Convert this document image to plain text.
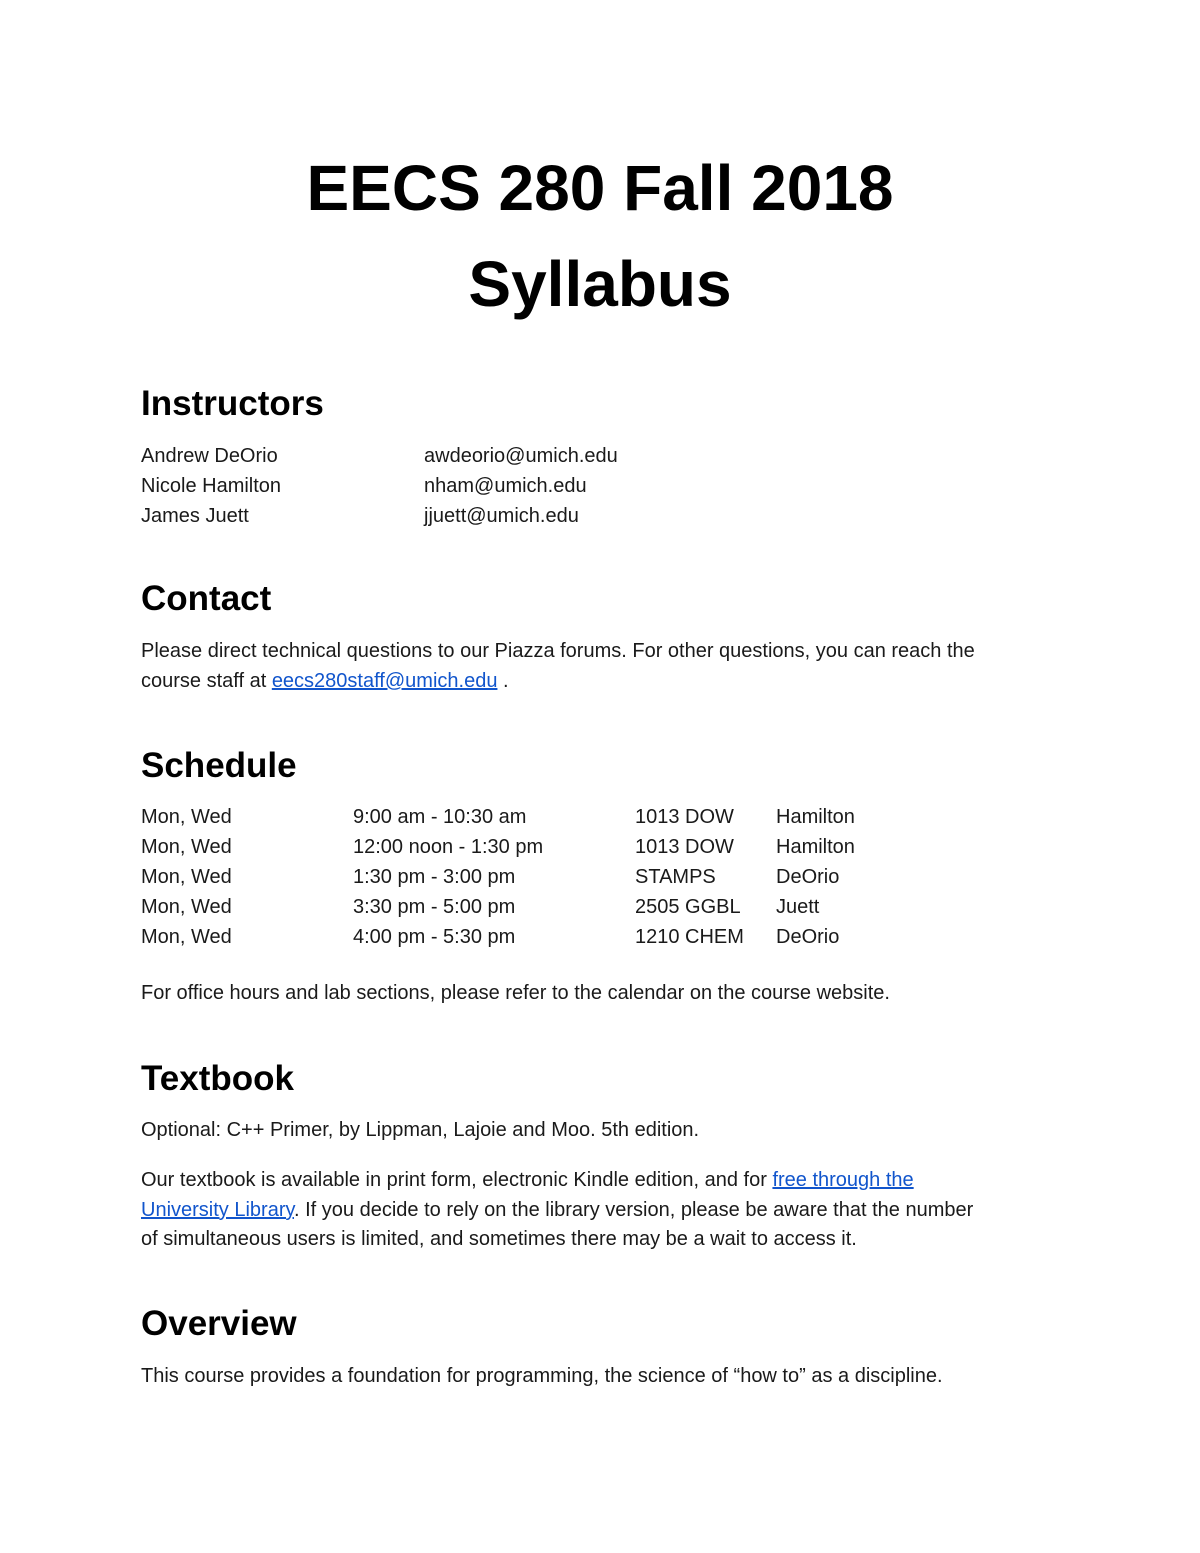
EECS 280 Fall 2018
Syllabus
Instructors
Andrew DeOrio	awdeorio@umich.edu
Nicole Hamilton	nham@umich.edu
James Juett	jjuett@umich.edu
Contact

Please direct technical questions to our Piazza forums. For other questions, you can reach the

course staff at eecs280staff@umich.edu .

Schedule
Mon, Wed	9:00 am - 10:30 am	1013 DOW Hamilton
Mon, Wed	12:00 noon - 1:30 pm	1013 DOW Hamilton
Mon, Wed	1:30 pm - 3:00 pm	STAMPS	DeOrio
Mon, Wed	3:30 pm - 5:00 pm	2505 GGBL Juett
Mon, Wed	4:00 pm - 5:30 pm	1210 CHEM DeOrio

For office hours and lab sections, please refer to the calendar on the course website.

Textbook

Optional: C++ Primer, by Lippman, Lajoie and Moo. 5th edition.

Our textbook is available in print form, electronic Kindle edition, and for free through the

University Library. If you decide to rely on the library version, please be aware that the number

of simultaneous users is limited, and sometimes there may be a wait to access it.

Overview

This course provides a foundation for programming, the science of “how to” as a discipline.
